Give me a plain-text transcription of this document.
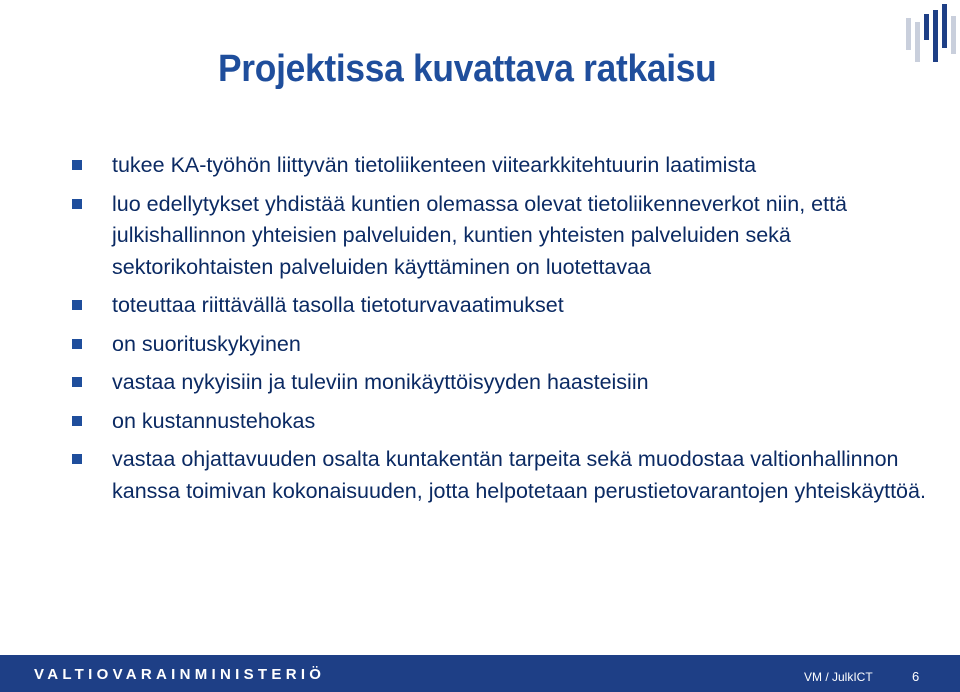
Projektissa kuvattava ratkaisu
tukee KA-työhön liittyvän tietoliikenteen viitearkkitehtuurin laatimista
luo edellytykset yhdistää kuntien olemassa olevat tietoliikenneverkot niin, että julkishallinnon yhteisien palveluiden, kuntien yhteisten palveluiden sekä sektorikohtaisten palveluiden käyttäminen on luotettavaa
toteuttaa riittävällä tasolla tietoturvavaatimukset
on suorituskykyinen
vastaa nykyisiin ja tuleviin monikäyttöisyyden haasteisiin
on kustannustehokas
vastaa ohjattavuuden osalta kuntakentän tarpeita sekä muodostaa valtionhallinnon kanssa toimivan kokonaisuuden, jotta helpotetaan perustietovarantojen yhteiskäyttöä.
VALTIOVARAINMINISTERIÖ	VM / JulkICT	6
